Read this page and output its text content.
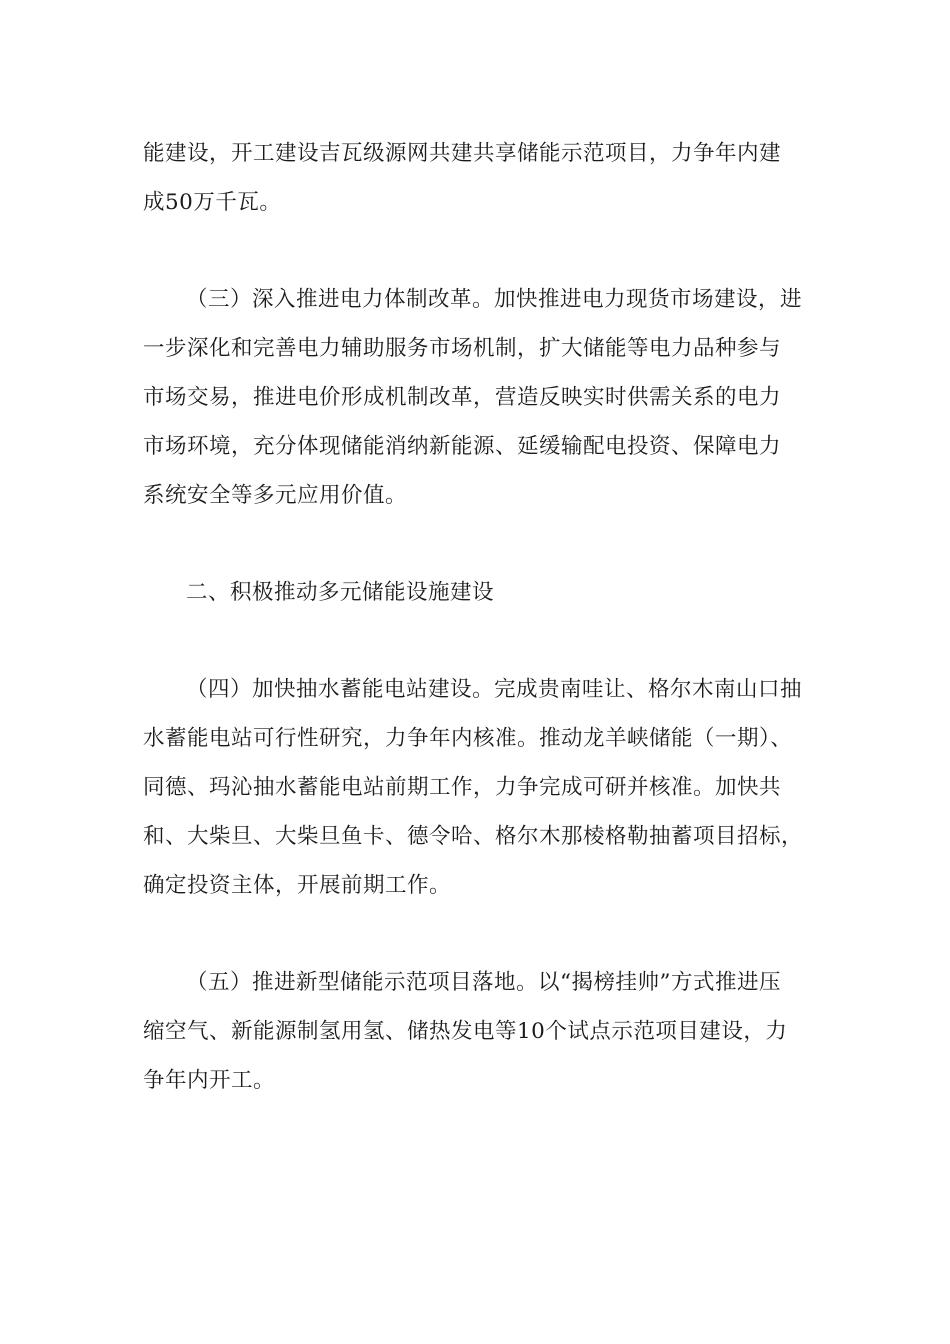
能建设，开工建设吉瓦级源网共建共享储能示范项目，力争年内建
成50万千瓦。
（三）深入推进电力体制改革。加快推进电力现货市场建设，进
一步深化和完善电力辅助服务市场机制，扩大储能等电力品种参与
市场交易，推进电价形成机制改革，营造反映实时供需关系的电力
市场环境，充分体现储能消纳新能源、延缓输配电投资、保障电力
系统安全等多元应用价值。
二、积极推动多元储能设施建设
（四）加快抽水蓄能电站建设。完成贵南哇让、格尔木南山口抽
水蓄能电站可行性研究，力争年内核准。推动龙羊峡储能（一期）、
同德、玛沁抽水蓄能电站前期工作，力争完成可研并核准。加快共
和、大柴旦、大柴旦鱼卡、德令哈、格尔木那棱格勒抽蓄项目招标，
确定投资主体，开展前期工作。
（五）推进新型储能示范项目落地。以“揭榜挂帅”方式推进压
缩空气、新能源制氢用氢、储热发电等10个试点示范项目建设，力
争年内开工。
